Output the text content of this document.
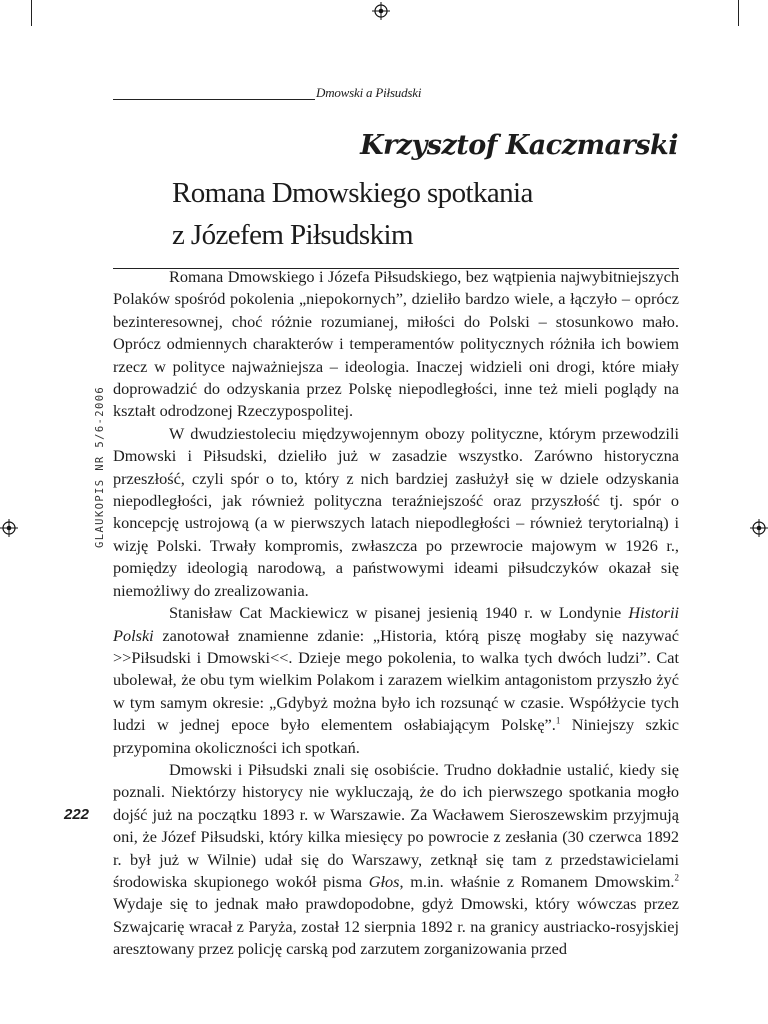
Dmowski a Piłsudski
Krzysztof Kaczmarski
Romana Dmowskiego spotkania
z Józefem Piłsudskim
GLAUKOPIS NR 5/6-2006
222

Romana Dmowskiego i Józefa Piłsudskiego, bez wątpienia najwybitniejszych Polaków spośród pokolenia „niepokornych”, dzieliło bardzo wiele, a łączyło – oprócz bezinteresownej, choć różnie rozumianej, miłości do Polski – stosunkowo mało. Oprócz odmiennych charakterów i temperamentów politycznych różniła ich bowiem rzecz w polityce najważniejsza – ideologia. Inaczej widzieli oni drogi, które miały doprowadzić do odzyskania przez Polskę niepodległości, inne też mieli poglądy na kształt odrodzonej Rzeczypospolitej.

W dwudziestoleciu międzywojennym obozy polityczne, którym przewodzili Dmowski i Piłsudski, dzieliło już w zasadzie wszystko. Zarówno historyczna przeszłość, czyli spór o to, który z nich bardziej zasłużył się w dziele odzyskania niepodległości, jak również polityczna teraźniejszość oraz przyszłość tj. spór o koncepcję ustrojową (a w pierwszych latach niepodległości – również terytorialną) i wizję Polski. Trwały kompromis, zwłaszcza po przewrocie majowym w 1926 r., pomiędzy ideologią narodową, a państwowymi ideami piłsudczyków okazał się niemożliwy do zrealizowania.

Stanisław Cat Mackiewicz w pisanej jesienią 1940 r. w Londynie Historii Polski zanotował znamienne zdanie: „Historia, którą piszę mogłaby się nazywać >>Piłsudski i Dmowski<<. Dzieje mego pokolenia, to walka tych dwóch ludzi”. Cat ubolewał, że obu tym wielkim Polakom i zarazem wielkim antagonistom przyszło żyć w tym samym okresie: „Gdybyż można było ich rozsunąć w czasie. Współżycie tych ludzi w jednej epoce było elementem osłabiającym Polskę”.$^1$ Niniejszy szkic przypomina okoliczności ich spotkań.

Dmowski i Piłsudski znali się osobiście. Trudno dokładnie ustalić, kiedy się poznali. Niektórzy historycy nie wykluczają, że do ich pierwszego spotkania mogło dojść już na początku 1893 r. w Warszawie. Za Wacławem Sieroszewskim przyjmują oni, że Józef Piłsudski, który kilka miesięcy po powrocie z zesłania (30 czerwca 1892 r. był już w Wilnie) udał się do Warszawy, zetknął się tam z przedstawicielami środowiska skupionego wokół pisma Głos, m.in. właśnie z Romanem Dmowskim.$^2$ Wydaje się to jednak mało prawdopodobne, gdyż Dmowski, który wówczas przez Szwajcarię wracał z Paryża, został 12 sierpnia 1892 r. na granicy austriacko-rosyjskiej aresztowany przez policję carską pod zarzutem zorganizowania przed
